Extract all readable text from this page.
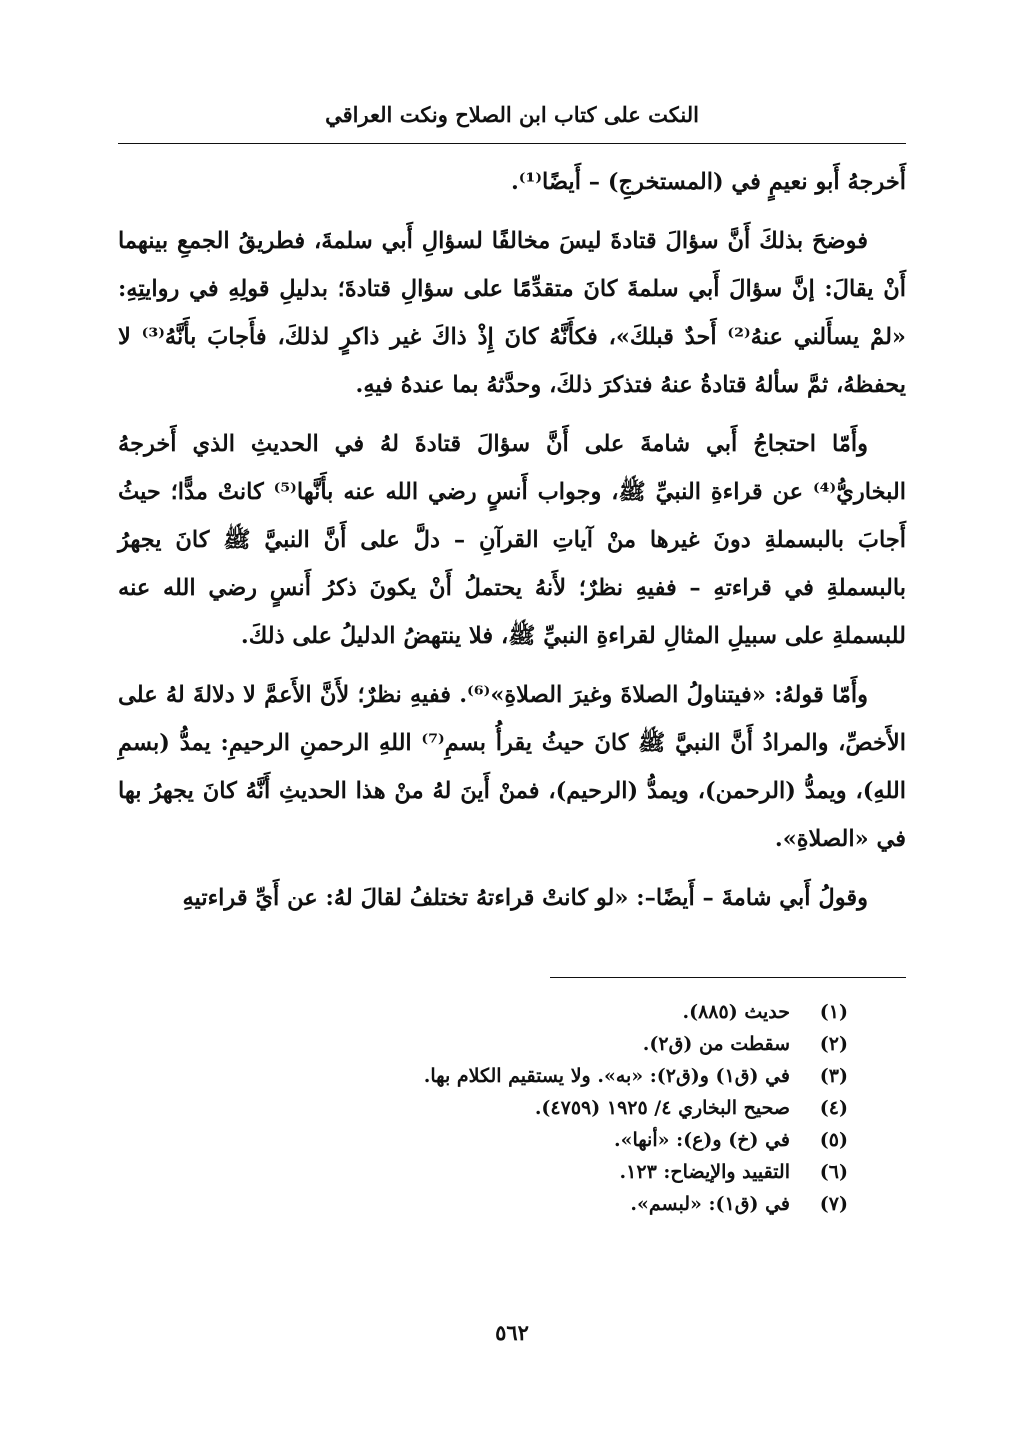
النكت على كتاب ابن الصلاح ونكت العراقي

أَخرجهُ أَبو نعيمٍ في (المستخرجِ) – أَيضًا⁽¹⁾.

فوضحَ بذلكَ أَنَّ سؤالَ قتادةَ ليسَ مخالفًا لسؤالِ أَبي سلمةَ، فطريقُ الجمعِ بينهما أَنْ يقالَ: إنَّ سؤالَ أَبي سلمةَ كانَ متقدِّمًا على سؤالِ قتادةَ؛ بدليلِ قولِهِ في روايتِهِ: «لمْ يسأَلني عنهُ⁽²⁾ أَحدٌ قبلكَ»، فكأَنَّهُ كانَ إِذْ ذاكَ غير ذاكرٍ لذلكَ، فأَجابَ بأَنَّهُ⁽³⁾ لا يحفظهُ، ثمَّ سألهُ قتادةُ عنهُ فتذكرَ ذلكَ، وحدَّثهُ بما عندهُ فيهِ.

وأَمّا احتجاجُ أَبي شامةَ على أَنَّ سؤالَ قتادةَ لهُ في الحديثِ الذي أَخرجهُ البخاريُّ⁽⁴⁾ عن قراءةِ النبيِّ ﷺ، وجواب أَنسٍ رضي الله عنه بأَنَّها⁽⁵⁾ كانتْ مدًّا؛ حيثُ أَجابَ بالبسملةِ دونَ غيرها منْ آياتِ القرآنِ – دلَّ على أَنَّ النبيَّ ﷺ كانَ يجهرُ بالبسملةِ في قراءتهِ – ففيهِ نظرٌ؛ لأَنهُ يحتملُ أَنْ يكونَ ذكرُ أَنسٍ رضي الله عنه للبسملةِ على سبيلِ المثالِ لقراءةِ النبيِّ ﷺ، فلا ينتهضُ الدليلُ على ذلكَ.

وأَمّا قولهُ: «فيتناولُ الصلاةَ وغيرَ الصلاةِ»⁽⁶⁾. ففيهِ نظرٌ؛ لأَنَّ الأَعمَّ لا دلالةَ لهُ على الأَخصِّ، والمرادُ أَنَّ النبيَّ ﷺ كانَ حيثُ يقرأُ بسمِ⁽⁷⁾ اللهِ الرحمنِ الرحيمِ: يمدُّ (بسمِ اللهِ)، ويمدُّ (الرحمن)، ويمدُّ (الرحيم)، فمنْ أَينَ لهُ منْ هذا الحديثِ أَنَّهُ كانَ يجهرُ بها في «الصلاةِ».

وقولُ أَبي شامةَ – أَيضًا–: «لو كانتْ قراءتهُ تختلفُ لقالَ لهُ: عن أَيِّ قراءتيهِ

(١)
حديث (٨٨٥).
(٢)
سقطت من (ق٢).
(٣)
في (ق١) و(ق٢): «به». ولا يستقيم الكلام بها.
(٤)
صحيح البخاري ٤/ ١٩٢٥ (٤٧٥٩).
(٥)
في (خ) و(ع): «أنها».
(٦)
التقييد والإيضاح: ١٢٣.
(٧)
في (ق١): «لبسم».
٥٦٢
